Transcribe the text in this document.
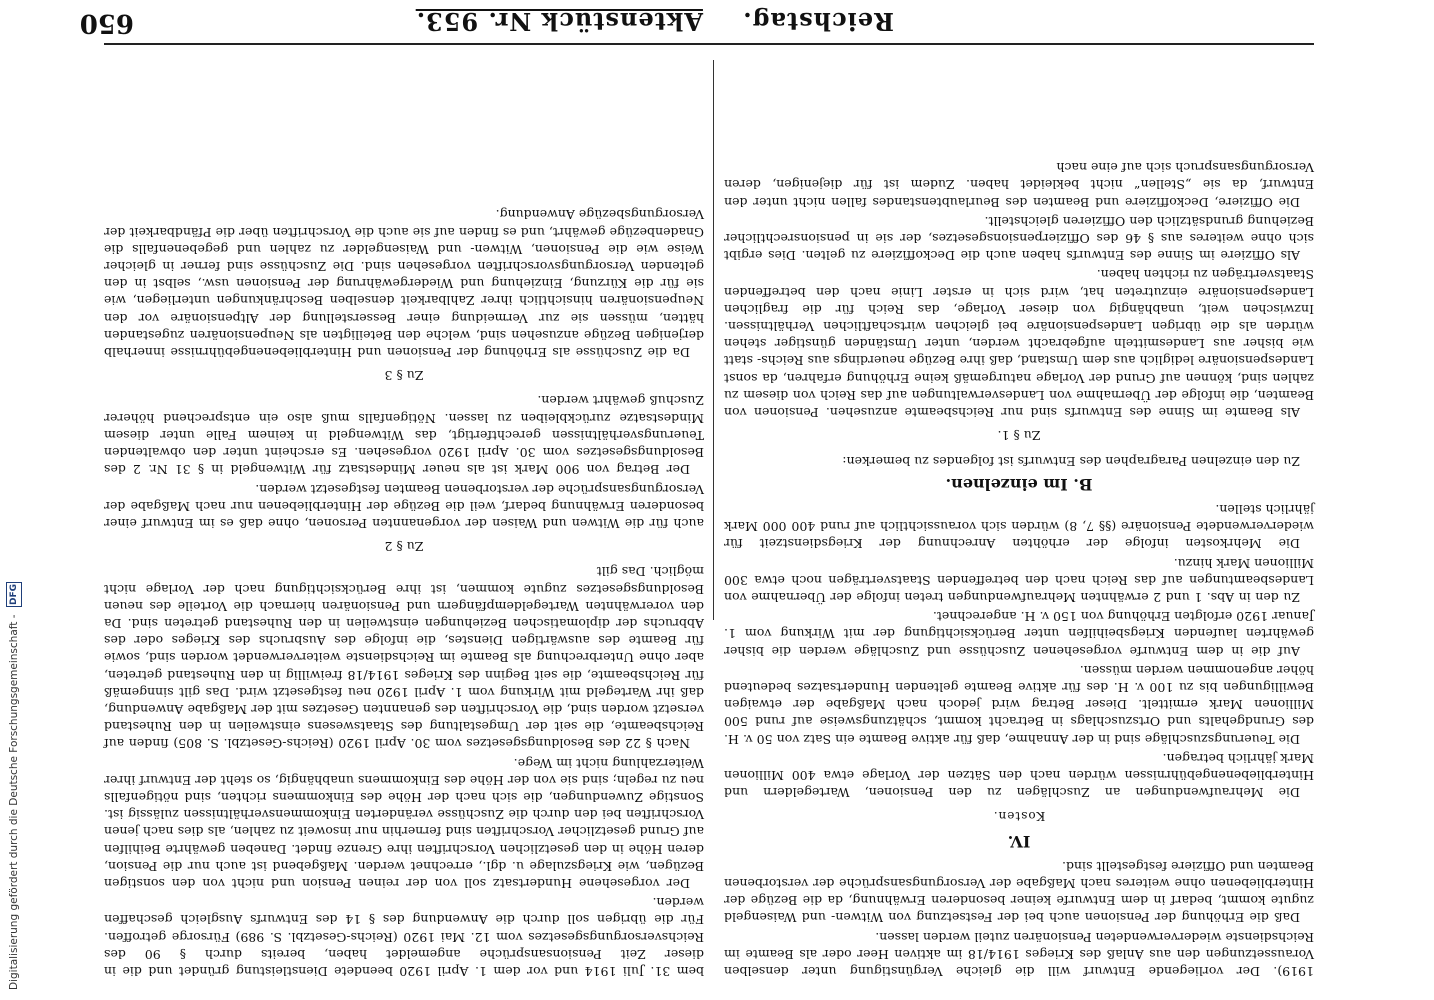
650	Reichstag. Aktenstück Nr. 953.

1919). Der vorliegende Entwurf will die gleiche Vergünstigung unter denselben Voraussetzungen den aus Anlaß des Krieges 1914/18 im aktiven Heer oder als Beamte im Reichsdienste wiederverwendeten Pensionären zuteil werden lassen.

Daß die Erhöhung der Pensionen auch bei der Festsetzung von Witwen- und Waisengeld zugute kommt, bedarf in dem Entwurfe keiner besonderen Erwähnung, da die Bezüge der Hinterbliebenen ohne weiteres nach Maßgabe der Versorgungsansprüche der verstorbenen Beamten und Offiziere festgestellt sind.

IV.
Kosten.

Die Mehraufwendungen an Zuschlägen zu den Pensionen, Wartegeldern und Hinterbliebenengebührnissen würden nach den Sätzen der Vorlage etwa 400 Millionen Mark jährlich betragen.

Die Teuerungszuschläge sind in der Annahme, daß für aktive Beamte ein Satz von 50 v. H. des Grundgehalts und Ortszuschlags in Betracht kommt, schätzungsweise auf rund 500 Millionen Mark ermittelt. Dieser Betrag wird jedoch nach Maßgabe der etwaigen Bewilligungen bis zu 100 v. H. des für aktive Beamte geltenden Hundertsatzes bedeutend höher angenommen werden müssen.

Auf die in dem Entwurfe vorgesehenen Zuschüsse und Zuschläge werden die bisher gewährten laufenden Kriegsbeihilfen unter Berücksichtigung der mit Wirkung vom 1. Januar 1920 erfolgten Erhöhung von 150 v. H. angerechnet.

Zu den in Abs. 1 und 2 erwähnten Mehraufwendungen treten infolge der Übernahme von Landesbeamtungen auf das Reich nach den betreffenden Staatsverträgen noch etwa 300 Millionen Mark hinzu.

Die Mehrkosten infolge der erhöhten Anrechnung der Kriegsdienstzeit für wiederverwendete Pensionäre (§§ 7, 8) würden sich voraussichtlich auf rund 400 000 Mark jährlich stellen.

B. Im einzelnen.

Zu den einzelnen Paragraphen des Entwurfs ist folgendes zu bemerken:

Zu § 1.

Als Beamte im Sinne des Entwurfs sind nur Reichsbeamte anzusehen. Pensionen von Beamten, die infolge der Übernahme von Landesverwaltungen auf das Reich von diesem zu zahlen sind, können auf Grund der Vorlage naturgemäß keine Erhöhung erfahren, da sonst Landespensionäre lediglich aus dem Umstand, daß ihre Bezüge neuerdings aus Reichs- statt wie bisher aus Landesmitteln aufgebracht werden, unter Umständen günstiger stehen würden als die übrigen Landespensionäre bei gleichen wirtschaftlichen Verhältnissen. Inzwischen weit, unabhängig von dieser Vorlage, das Reich für die fraglichen Landespensionäre einzutreten hat, wird sich in erster Linie nach den betreffenden Staatsverträgen zu richten haben.

Als Offiziere im Sinne des Entwurfs haben auch die Deckoffiziere zu gelten. Dies ergibt sich ohne weiteres aus § 46 des Offizierpensionsgesetzes, der sie in pensionsrechtlicher Beziehung grundsätzlich den Offizieren gleichstellt.

Die Offiziere, Deckoffiziere und Beamten des Beurlaubtenstandes fallen nicht unter den Entwurf, da sie „Stellen“ nicht bekleidet haben. Zudem ist für diejenigen, deren Versorgungsanspruch sich auf eine nach

bem 31. Juli 1914 und vor dem 1. April 1920 beendete Dienstleistung gründet und die in dieser Zeit Pensionsansprüche angemeldet haben, bereits durch § 90 des Reichsversorgungsgesetzes vom 12. Mai 1920 (Reichs-Gesetzbl. S. 989) Fürsorge getroffen. Für die übrigen soll durch die Anwendung des § 14 des Entwurfs Ausgleich geschaffen werden.

Der vorgesehene Hundertsatz soll von der reinen Pension und nicht von den sonstigen Bezügen, wie Kriegszulage u. dgl., errechnet werden. Maßgebend ist auch nur die Pension, deren Höhe in den gesetzlichen Vorschriften ihre Grenze findet. Daneben gewährte Beihilfen auf Grund gesetzlicher Vorschriften sind fernerhin nur insoweit zu zahlen, als dies nach jenen Vorschriften bei den durch die Zuschüsse veränderten Einkommensverhältnissen zulässig ist. Sonstige Zuwendungen, die sich nach der Höhe des Einkommens richten, sind nötigenfalls neu zu regeln; sind sie von der Höhe des Einkommens unabhängig, so steht der Entwurf ihrer Weiterzahlung nicht im Wege.

Nach § 22 des Besoldungsgesetzes vom 30. April 1920 (Reichs-Gesetzbl. S. 805) finden auf Reichsbeamte, die seit der Umgestaltung des Staatswesens einstweilen in den Ruhestand versetzt worden sind, die Vorschriften des genannten Gesetzes mit der Maßgabe Anwendung, daß ihr Wartegeld mit Wirkung vom 1. April 1920 neu festgesetzt wird. Das gilt sinngemäß für Reichsbeamte, die seit Beginn des Krieges 1914/18 freiwillig in den Ruhestand getreten, aber ohne Unterbrechung als Beamte im Reichsdienste weiterverwendet worden sind, sowie für Beamte des auswärtigen Dienstes, die infolge des Ausbruchs des Krieges oder des Abbruchs der diplomatischen Beziehungen einstweilen in den Ruhestand getreten sind. Da den vorerwähnten Wartegeldempfängern und Pensionären hiernach die Vorteile des neuen Besoldungsgesetzes zugute kommen, ist ihre Berücksichtigung nach der Vorlage nicht möglich. Das gilt

Zu § 2

auch für die Witwen und Waisen der vorgenannten Personen, ohne daß es im Entwurf einer besonderen Erwähnung bedarf, weil die Bezüge der Hinterbliebenen nur nach Maßgabe der Versorgungsansprüche der verstorbenen Beamten festgesetzt werden.

Der Betrag von 900 Mark ist als neuer Mindestsatz für Witwengeld in § 31 Nr. 2 des Besoldungsgesetzes vom 30. April 1920 vorgesehen. Es erscheint unter den obwaltenden Teuerungsverhältnissen gerechtfertigt, das Witwengeld in keinem Falle unter diesem Mindestsatze zurückbleiben zu lassen. Nötigenfalls muß also ein entsprechend höherer Zuschuß gewährt werden.

Zu § 3

Da die Zuschüsse als Erhöhung der Pensionen und Hinterbliebenengebührnisse innerhalb derjenigen Bezüge anzusehen sind, welche den Beteiligten als Neupensionären zugestanden hätten, müssen sie zur Vermeidung einer Besserstellung der Altpensionäre vor den Neupensionären hinsichtlich ihrer Zahlbarkeit denselben Beschränkungen unterliegen, wie sie für die Kürzung, Einziehung und Wiedergewährung der Pensionen usw., selbst in den geltenden Versorgungsvorschriften vorgesehen sind. Die Zuschüsse sind ferner in gleicher Weise wie die Pensionen, Witwen- und Waisengelder zu zahlen und gegebenenfalls die Gnadenbezüge gewährt, und es finden auf sie auch die Vorschriften über die Pfändbarkeit der Versorgungsbezüge Anwendung.

Digitalisierung gefördert durch die Deutsche Forschungsgemeinschaft - DFG
